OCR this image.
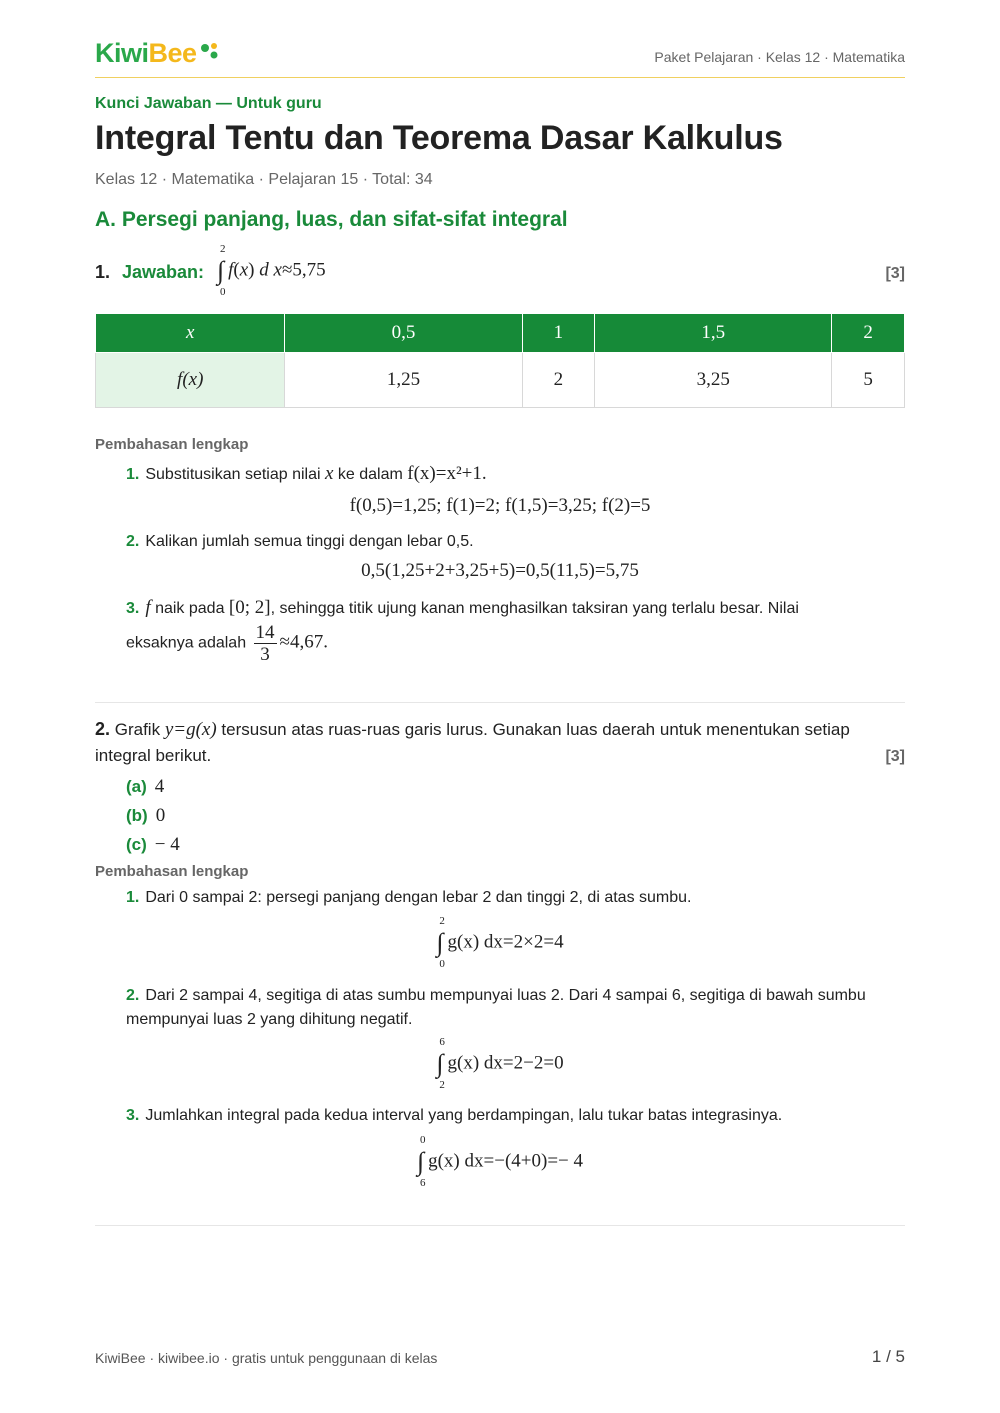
KiwiBee	Paket Pelajaran · Kelas 12 · Matematika
Kunci Jawaban — Untuk guru
Integral Tentu dan Teorema Dasar Kalkulus
Kelas 12 · Matematika · Pelajaran 15 · Total: 34
A. Persegi panjang, luas, dan sifat-sifat integral
1. Jawaban: ∫
2
0
f(x) d x≈5,75	[3]
x	0,5	1	1,5	2
f(x)	1,25	2	3,25	5
Pembahasan lengkap
1. Substitusikan setiap nilai x ke dalam f(x)=x²+1.
f(0,5)=1,25; f(1)=2; f(1,5)=3,25; f(2)=5
2. Kalikan jumlah semua tinggi dengan lebar 0,5.
0,5(1,25+2+3,25+5)=0,5(11,5)=5,75
3. f naik pada [0; 2], sehingga titik ujung kanan menghasilkan taksiran yang terlalu besar. Nilai
eksaknya adalah $\frac{14}{3} \approx 4,67$.
2. Grafik y=g(x) tersusun atas ruas-ruas garis lurus. Gunakan luas daerah untuk menentukan setiap integral berikut.	[3]
(a) 4
(b) 0
(c) − 4
Pembahasan lengkap
1. Dari 0 sampai 2: persegi panjang dengan lebar 2 dan tinggi 2, di atas sumbu.
∫
2
0
g(x) dx=2×2=4
2. Dari 2 sampai 4, segitiga di atas sumbu mempunyai luas 2. Dari 4 sampai 6, segitiga di bawah sumbu mempunyai luas 2 yang dihitung negatif.
∫
6
2
g(x) dx=2−2=0
3. Jumlahkan integral pada kedua interval yang berdampingan, lalu tukar batas integrasinya.
∫
0
6
g(x) dx=−(4+0)=− 4
KiwiBee · kiwibee.io · gratis untuk penggunaan di kelas	1 / 5
